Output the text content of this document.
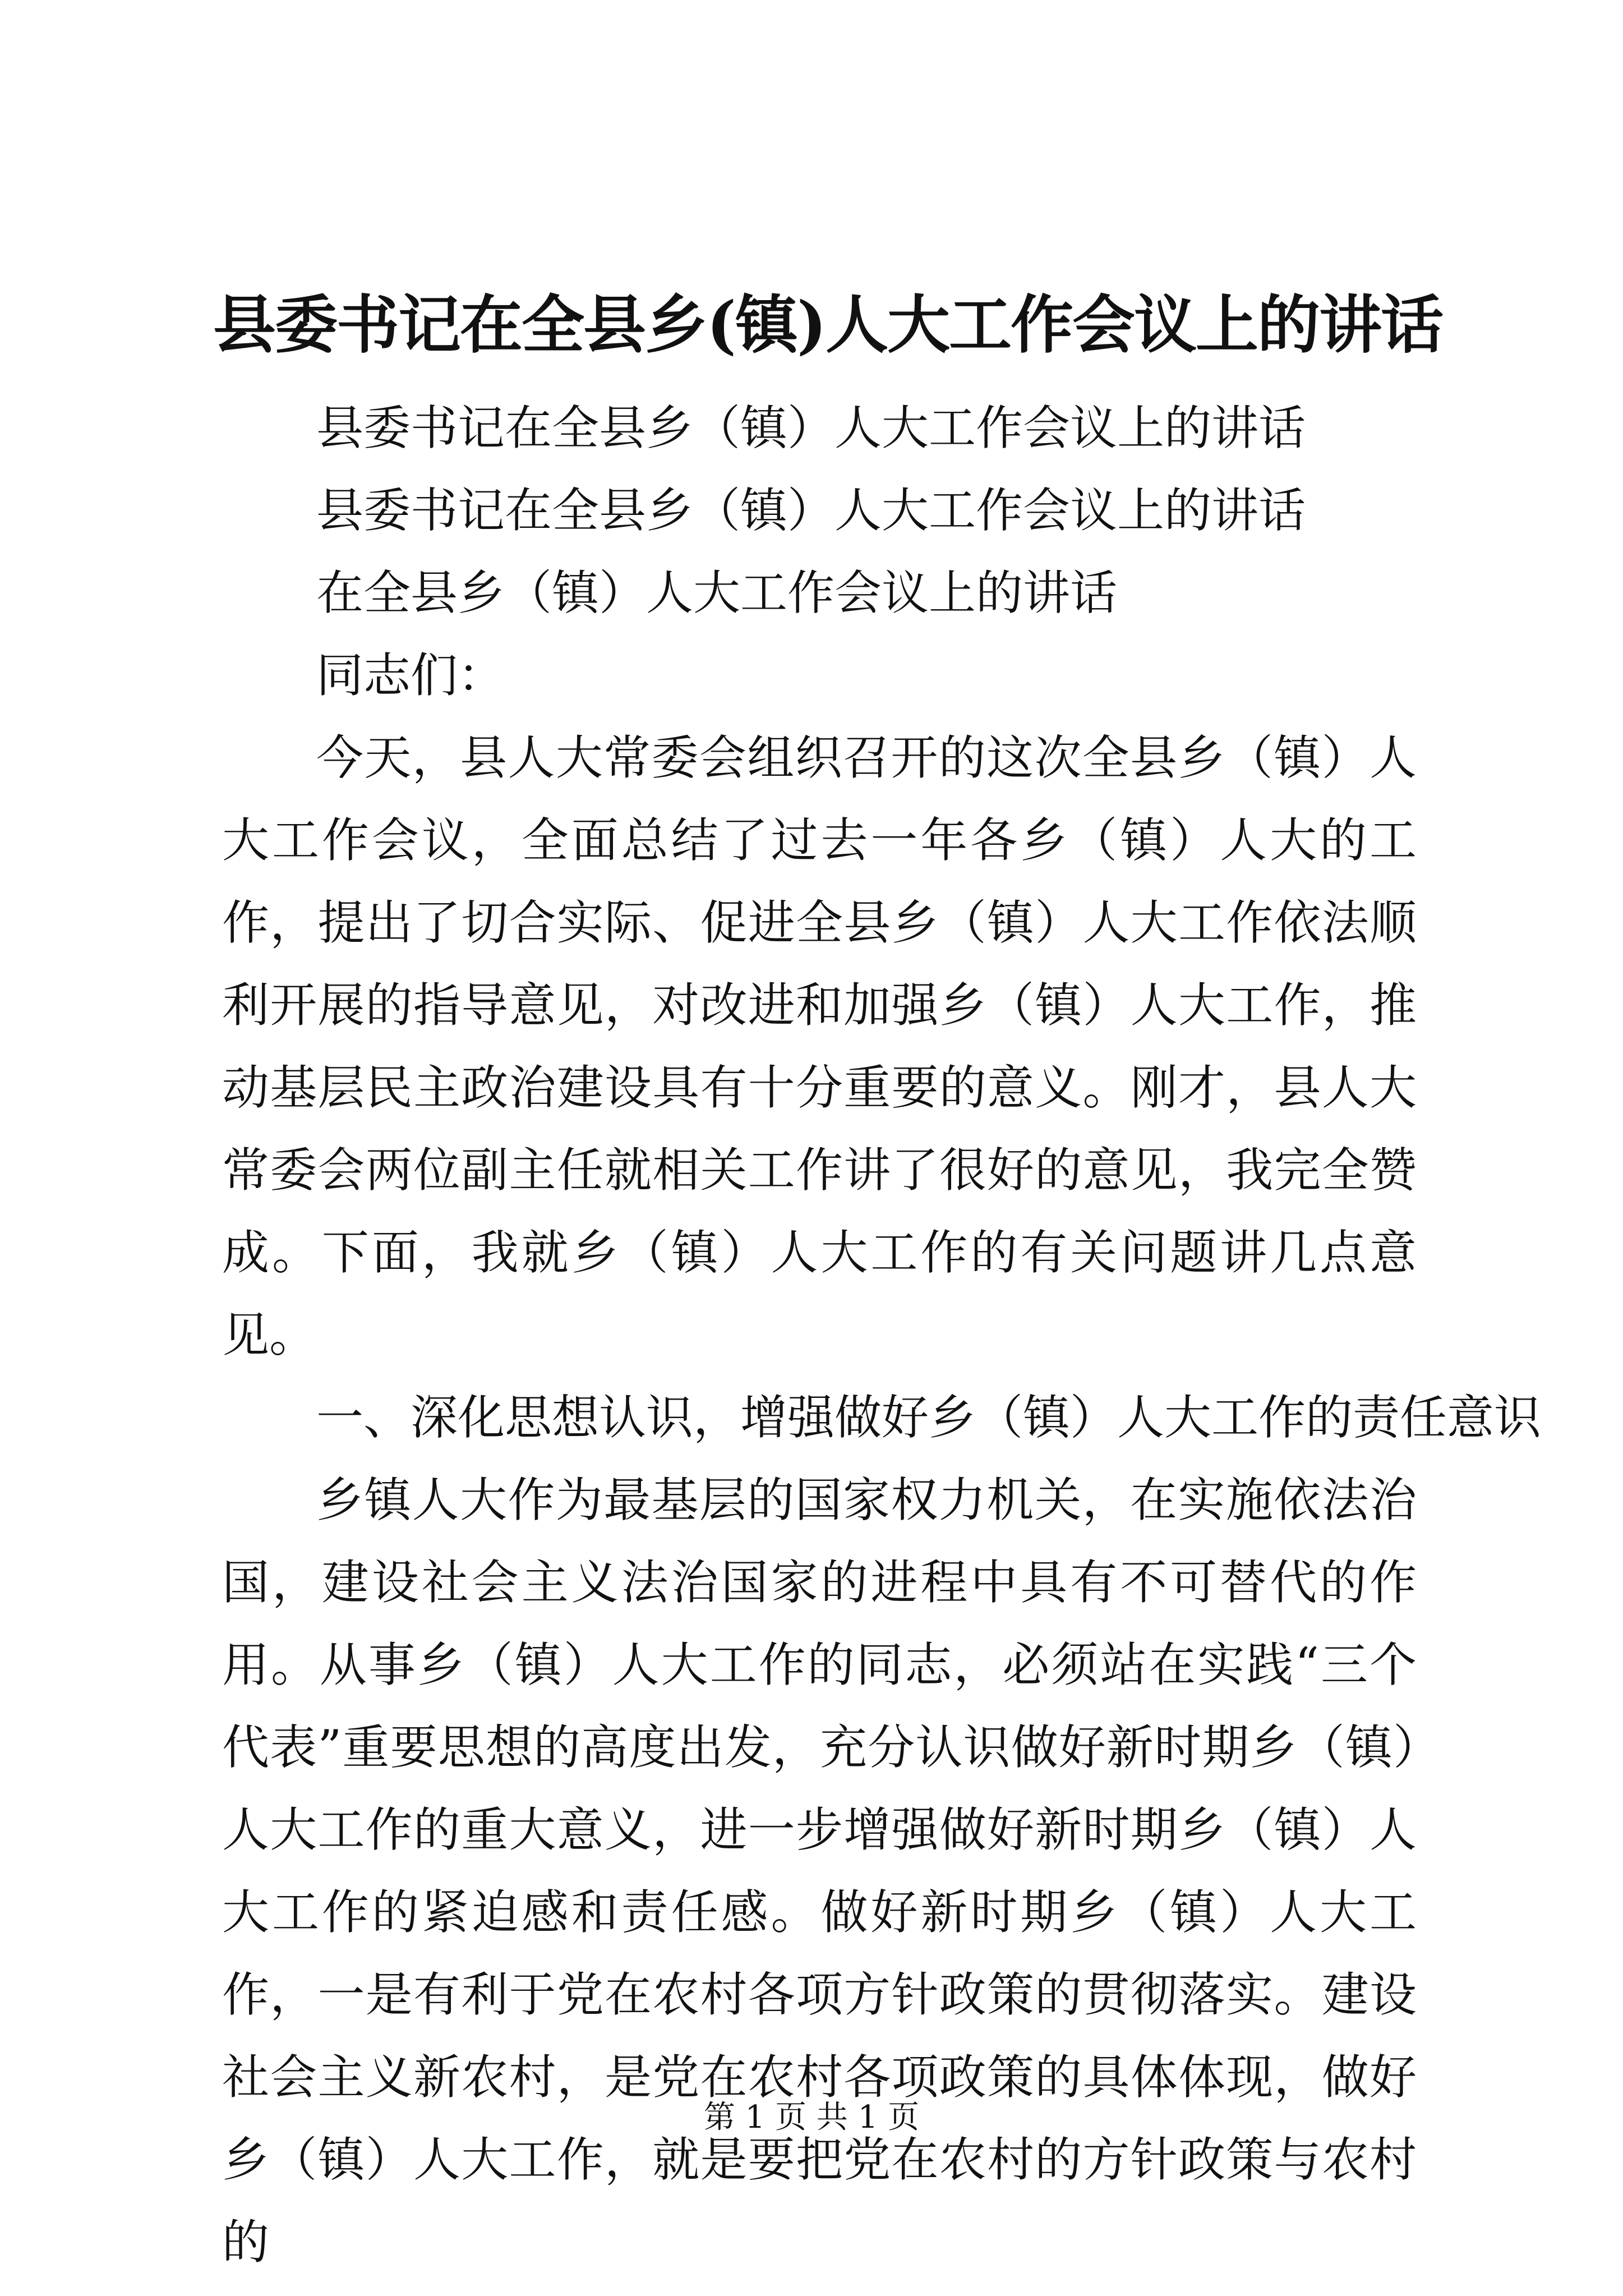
县委书记在全县乡(镇)人大工作会议上的讲话

县委书记在全县乡（镇）人大工作会议上的讲话

县委书记在全县乡（镇）人大工作会议上的讲话

在全县乡（镇）人大工作会议上的讲话

同志们：

今天，县人大常委会组织召开的这次全县乡（镇）人大工作会议，全面总结了过去一年各乡（镇）人大的工作，提出了切合实际、促进全县乡（镇）人大工作依法顺利开展的指导意见，对改进和加强乡（镇）人大工作，推动基层民主政治建设具有十分重要的意义。刚才，县人大常委会两位副主任就相关工作讲了很好的意见，我完全赞成。下面，我就乡（镇）人大工作的有关问题讲几点意见。

一、深化思想认识，增强做好乡（镇）人大工作的责任意识

乡镇人大作为最基层的国家权力机关，在实施依法治国，建设社会主义法治国家的进程中具有不可替代的作用。从事乡（镇）人大工作的同志，必须站在实践“三个代表”重要思想的高度出发，充分认识做好新时期乡（镇）人大工作的重大意义，进一步增强做好新时期乡（镇）人大工作的紧迫感和责任感。做好新时期乡（镇）人大工作，一是有利于党在农村各项方针政策的贯彻落实。建设社会主义新农村，是党在农村各项政策的具体体现，做好乡（镇）人大工作，就是要把党在农村的方针政策与农村的

第 1 页 共 1 页
